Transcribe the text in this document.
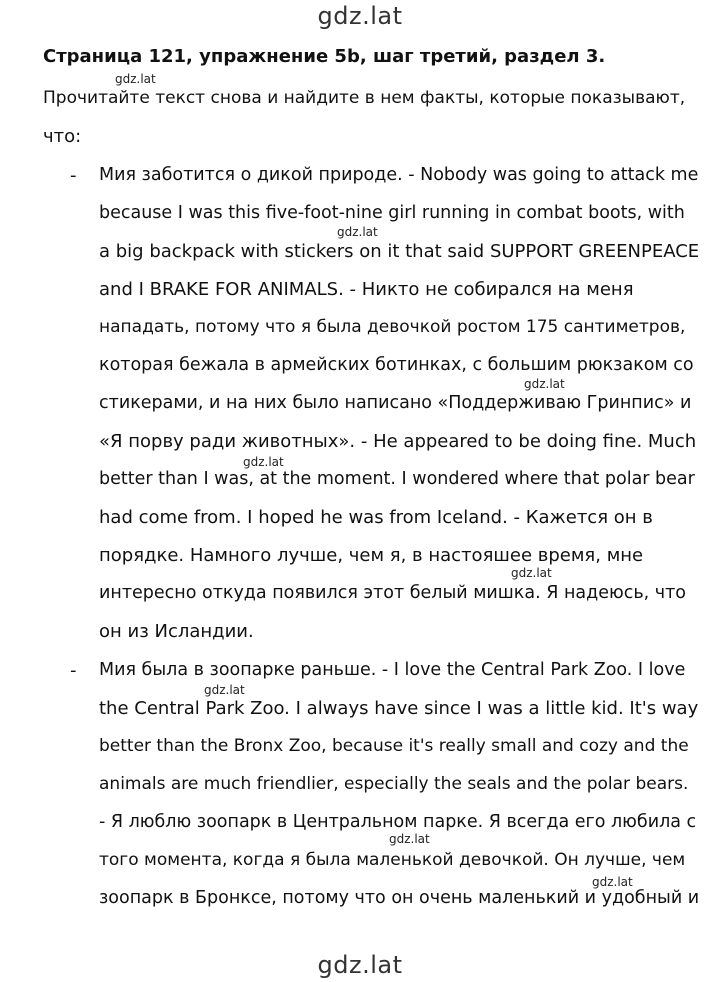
gdz.lat
Страница 121, упражнение 5b, шаг третий, раздел 3.
Прочитайте текст снова и найдите в нем факты, которые показывают,
что:
- Мия заботится о дикой природе. - Nobody was going to attack me
because I was this five-foot-nine girl running in combat boots, with
a big backpack with stickers on it that said SUPPORT GREENPEACE
and I BRAKE FOR ANIMALS. - Никто не собирался на меня
нападать, потому что я была девочкой ростом 175 сантиметров,
которая бежала в армейских ботинках, с большим рюкзаком со
стикерами, и на них было написано «Поддерживаю Гринпис» и
«Я порву ради животных». - He appeared to be doing fine. Much
better than I was, at the moment. I wondered where that polar bear
had come from. I hoped he was from Iceland. - Кажется он в
порядке. Намного лучше, чем я, в настояшее время, мне
интересно откуда появился этот белый мишка. Я надеюсь, что
он из Исландии.
- Мия была в зоопарке раньше. - I love the Central Park Zoo. I love
the Central Park Zoo. I always have since I was a little kid. It's way
better than the Bronx Zoo, because it's really small and cozy and the
animals are much friendlier, especially the seals and the polar bears.
- Я люблю зоопарк в Центральном парке. Я всегда его любила с
того момента, когда я была маленькой девочкой. Он лучше, чем
зоопарк в Бронксе, потому что он очень маленький и удобный и
gdz.lat
gdz.lat
gdz.lat
gdz.lat
gdz.lat
gdz.lat
gdz.lat
gdz.lat
gdz.lat
